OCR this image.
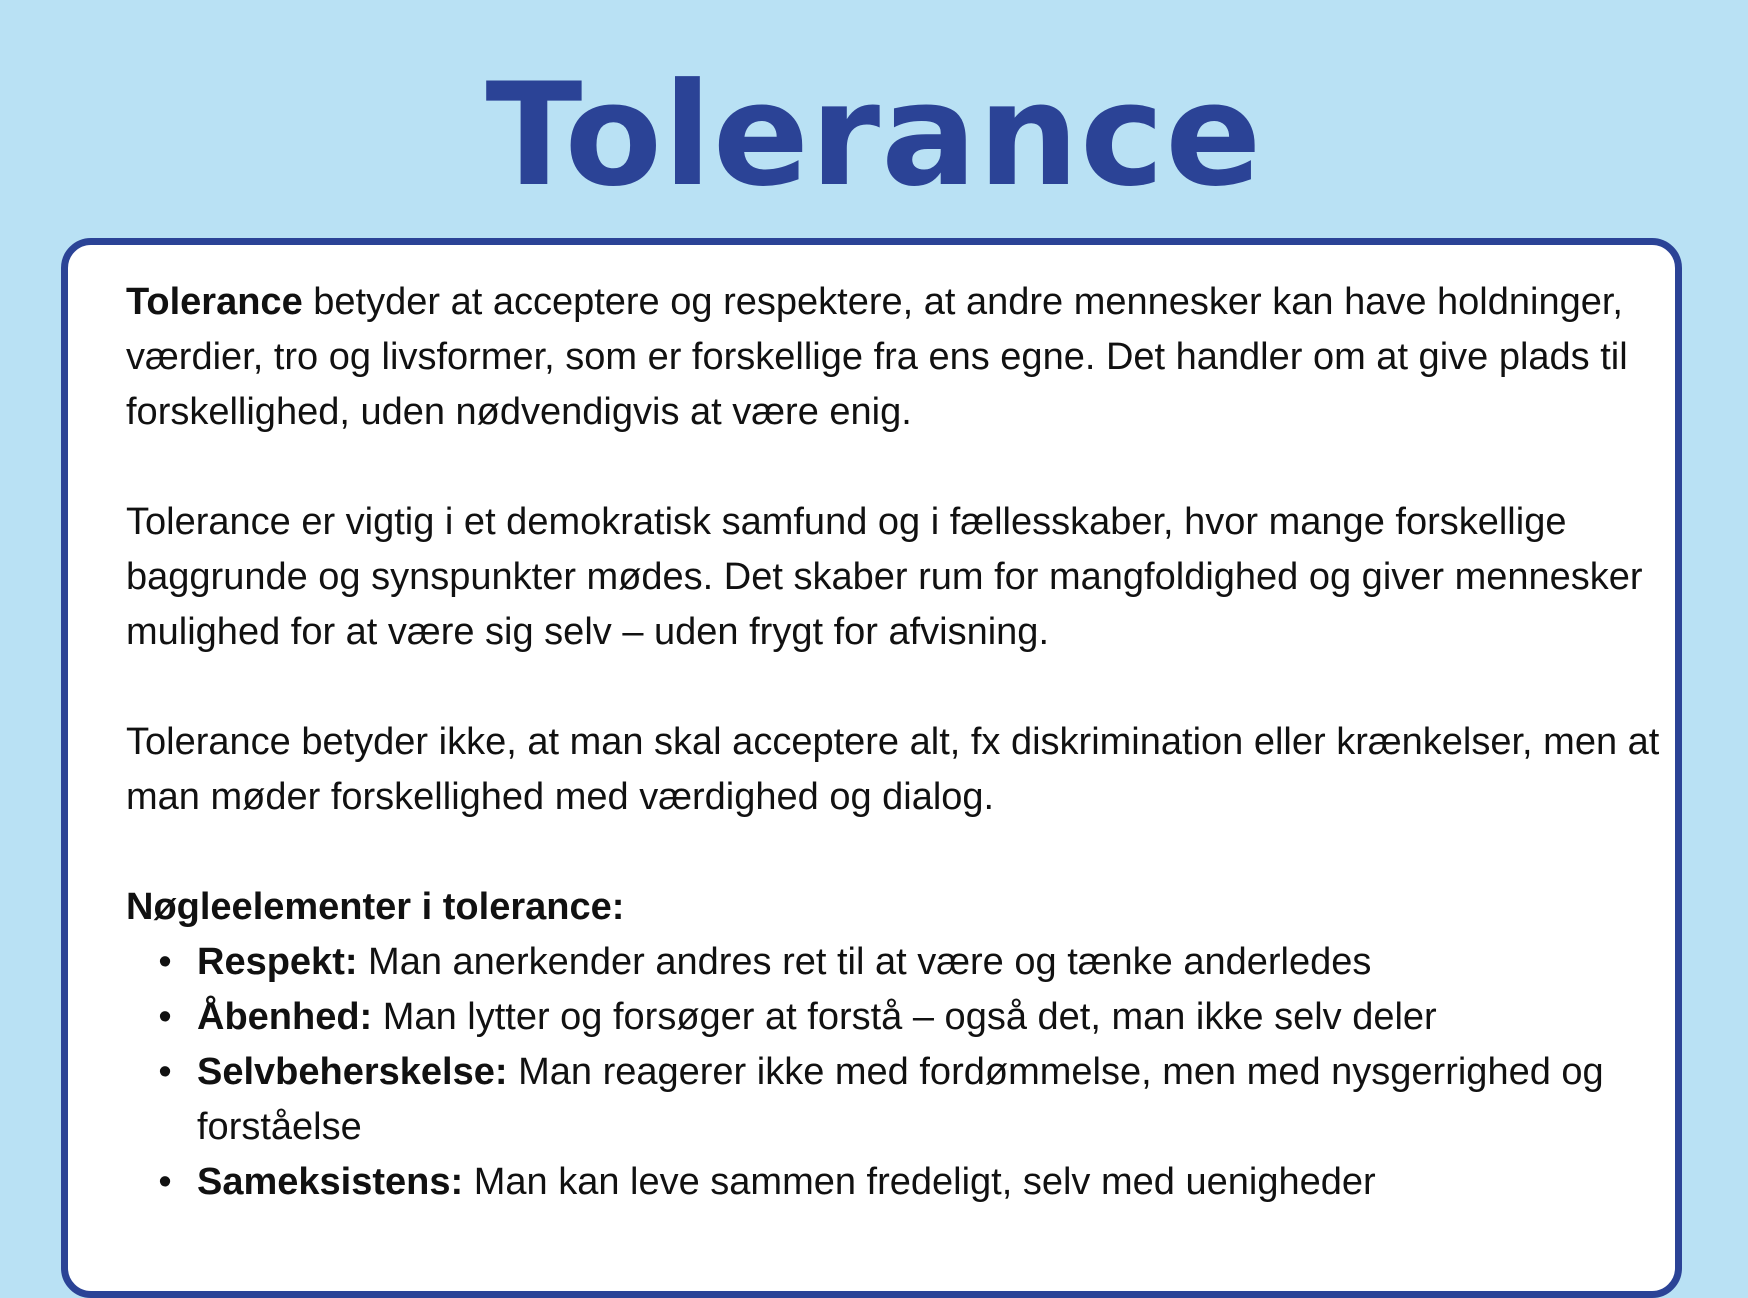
Tolerance

Tolerance betyder at acceptere og respektere, at andre mennesker kan have holdninger, værdier, tro og livsformer, som er forskellige fra ens egne. Det handler om at give plads til forskellighed, uden nødvendigvis at være enig.

Tolerance er vigtig i et demokratisk samfund og i fællesskaber, hvor mange forskellige baggrunde og synspunkter mødes. Det skaber rum for mangfoldighed og giver mennesker mulighed for at være sig selv – uden frygt for afvisning.

Tolerance betyder ikke, at man skal acceptere alt, fx diskrimination eller krænkelser, men at man møder forskellighed med værdighed og dialog.

Nøgleelementer i tolerance:

• Respekt: Man anerkender andres ret til at være og tænke anderledes
• Åbenhed: Man lytter og forsøger at forstå – også det, man ikke selv deler
• Selvbeherskelse: Man reagerer ikke med fordømmelse, men med nysgerrighed og forståelse
• Sameksistens: Man kan leve sammen fredeligt, selv med uenigheder
